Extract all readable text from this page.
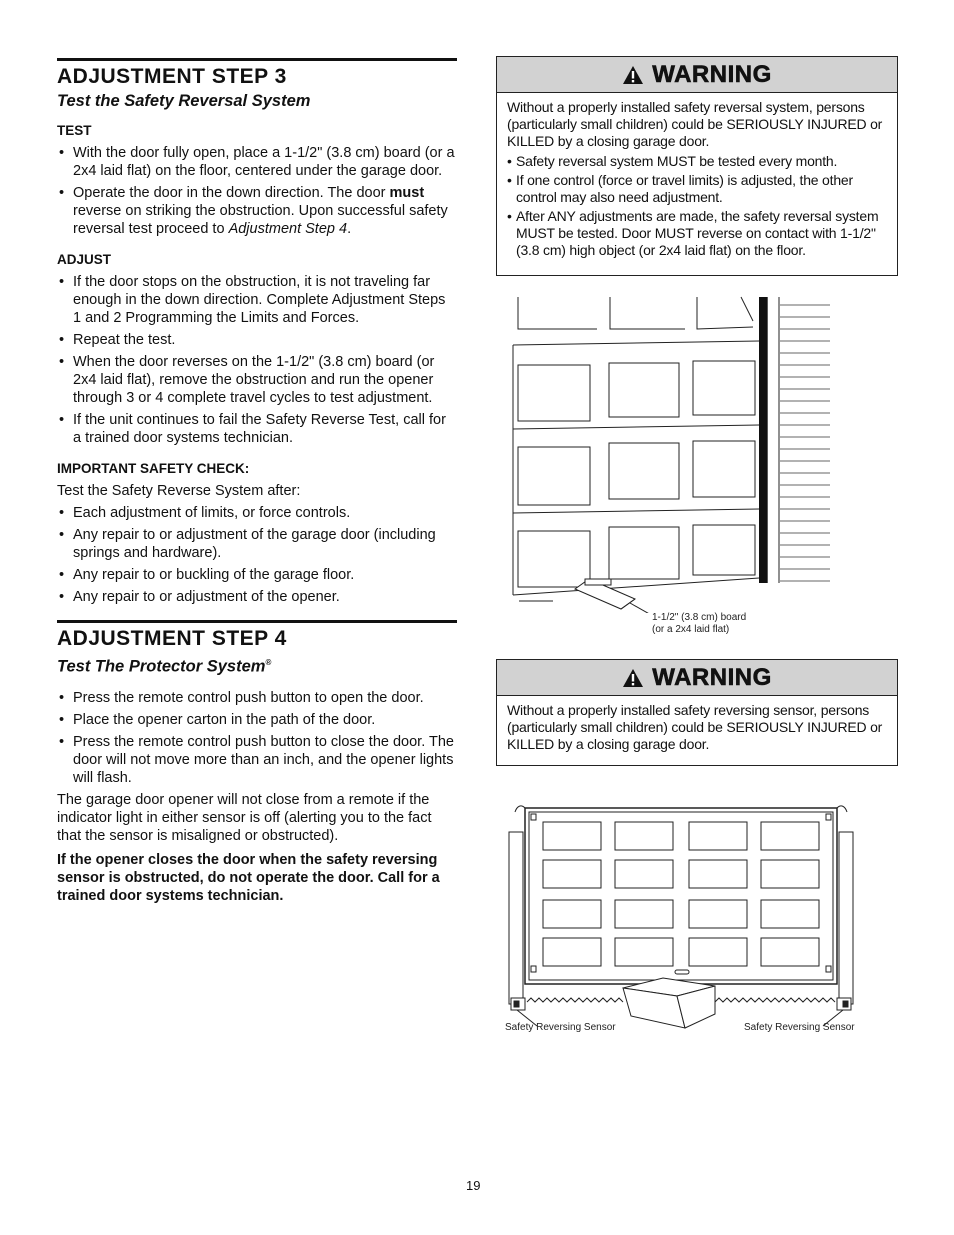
ADJUSTMENT STEP 3
Test the Safety Reversal System
TEST
• With the door fully open, place a 1-1/2" (3.8 cm) board (or a 2x4 laid flat) on the floor, centered under the garage door.
• Operate the door in the down direction. The door must reverse on striking the obstruction. Upon successful safety reversal test proceed to Adjustment Step 4.
ADJUST
• If the door stops on the obstruction, it is not traveling far enough in the down direction. Complete Adjustment Steps 1 and 2 Programming the Limits and Forces.
• Repeat the test.
• When the door reverses on the 1-1/2" (3.8 cm) board (or 2x4 laid flat), remove the obstruction and run the opener through 3 or 4 complete travel cycles to test adjustment.
• If the unit continues to fail the Safety Reverse Test, call for a trained door systems technician.
IMPORTANT SAFETY CHECK:
Test the Safety Reverse System after:
• Each adjustment of limits, or force controls.
• Any repair to or adjustment of the garage door (including springs and hardware).
• Any repair to or buckling of the garage floor.
• Any repair to or adjustment of the opener.
ADJUSTMENT STEP 4
Test The Protector System®
• Press the remote control push button to open the door.
• Place the opener carton in the path of the door.
• Press the remote control push button to close the door. The door will not move more than an inch, and the opener lights will flash.
The garage door opener will not close from a remote if the indicator light in either sensor is off (alerting you to the fact that the sensor is misaligned or obstructed).
If the opener closes the door when the safety reversing sensor is obstructed, do not operate the door. Call for a trained door systems technician.
WARNING
Without a properly installed safety reversal system, persons (particularly small children) could be SERIOUSLY INJURED or KILLED by a closing garage door.
• Safety reversal system MUST be tested every month.
• If one control (force or travel limits) is adjusted, the other control may also need adjustment.
• After ANY adjustments are made, the safety reversal system MUST be tested. Door MUST reverse on contact with 1-1/2" (3.8 cm) high object (or 2x4 laid flat) on the floor.
1-1/2" (3.8 cm) board
(or a 2x4 laid flat)
WARNING
Without a properly installed safety reversing sensor, persons (particularly small children) could be SERIOUSLY INJURED or KILLED by a closing garage door.
Safety Reversing Sensor	Safety Reversing Sensor
19
